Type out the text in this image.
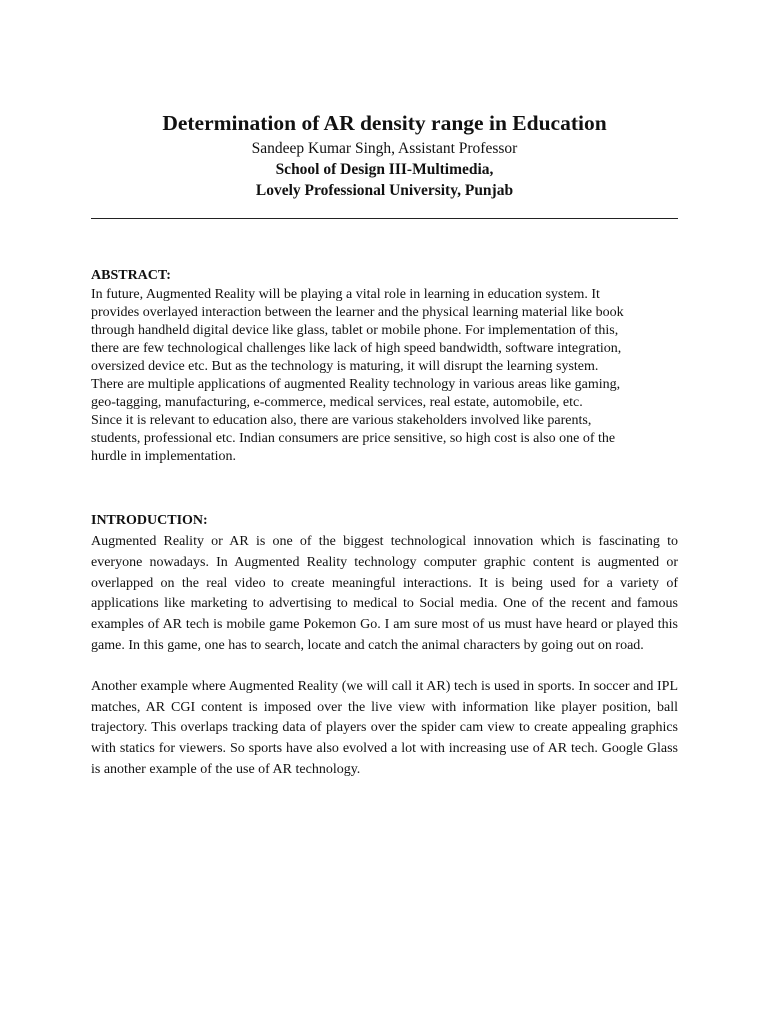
Determination of AR density range in Education

Sandeep Kumar Singh, Assistant Professor

School of Design III-Multimedia,

Lovely Professional University, Punjab

ABSTRACT:

In future, Augmented Reality will be playing a vital role in learning in education system. It
provides overlayed interaction between the learner and the physical learning material like book
through handheld digital device like glass, tablet or mobile phone. For implementation of this,
there are few technological challenges like lack of high speed bandwidth, software integration,
oversized device etc. But as the technology is maturing, it will disrupt the learning system.
There are multiple applications of augmented Reality technology in various areas like gaming,
geo-tagging, manufacturing, e-commerce, medical services, real estate, automobile, etc.
Since it is relevant to education also, there are various stakeholders involved like parents,
students, professional etc. Indian consumers are price sensitive, so high cost is also one of the
hurdle in implementation.

INTRODUCTION:

Augmented Reality or AR is one of the biggest technological innovation which is fascinating to everyone nowadays. In Augmented Reality technology computer graphic content is augmented or overlapped on the real video to create meaningful interactions. It is being used for a variety of applications like marketing to advertising to medical to Social media. One of the recent and famous examples of AR tech is mobile game Pokemon Go. I am sure most of us must have heard or played this game. In this game, one has to search, locate and catch the animal characters by going out on road.

Another example where Augmented Reality (we will call it AR) tech is used in sports. In soccer and IPL matches, AR CGI content is imposed over the live view with information like player position, ball trajectory. This overlaps tracking data of players over the spider cam view to create appealing graphics with statics for viewers. So sports have also evolved a lot with increasing use of AR tech. Google Glass is another example of the use of AR technology.
